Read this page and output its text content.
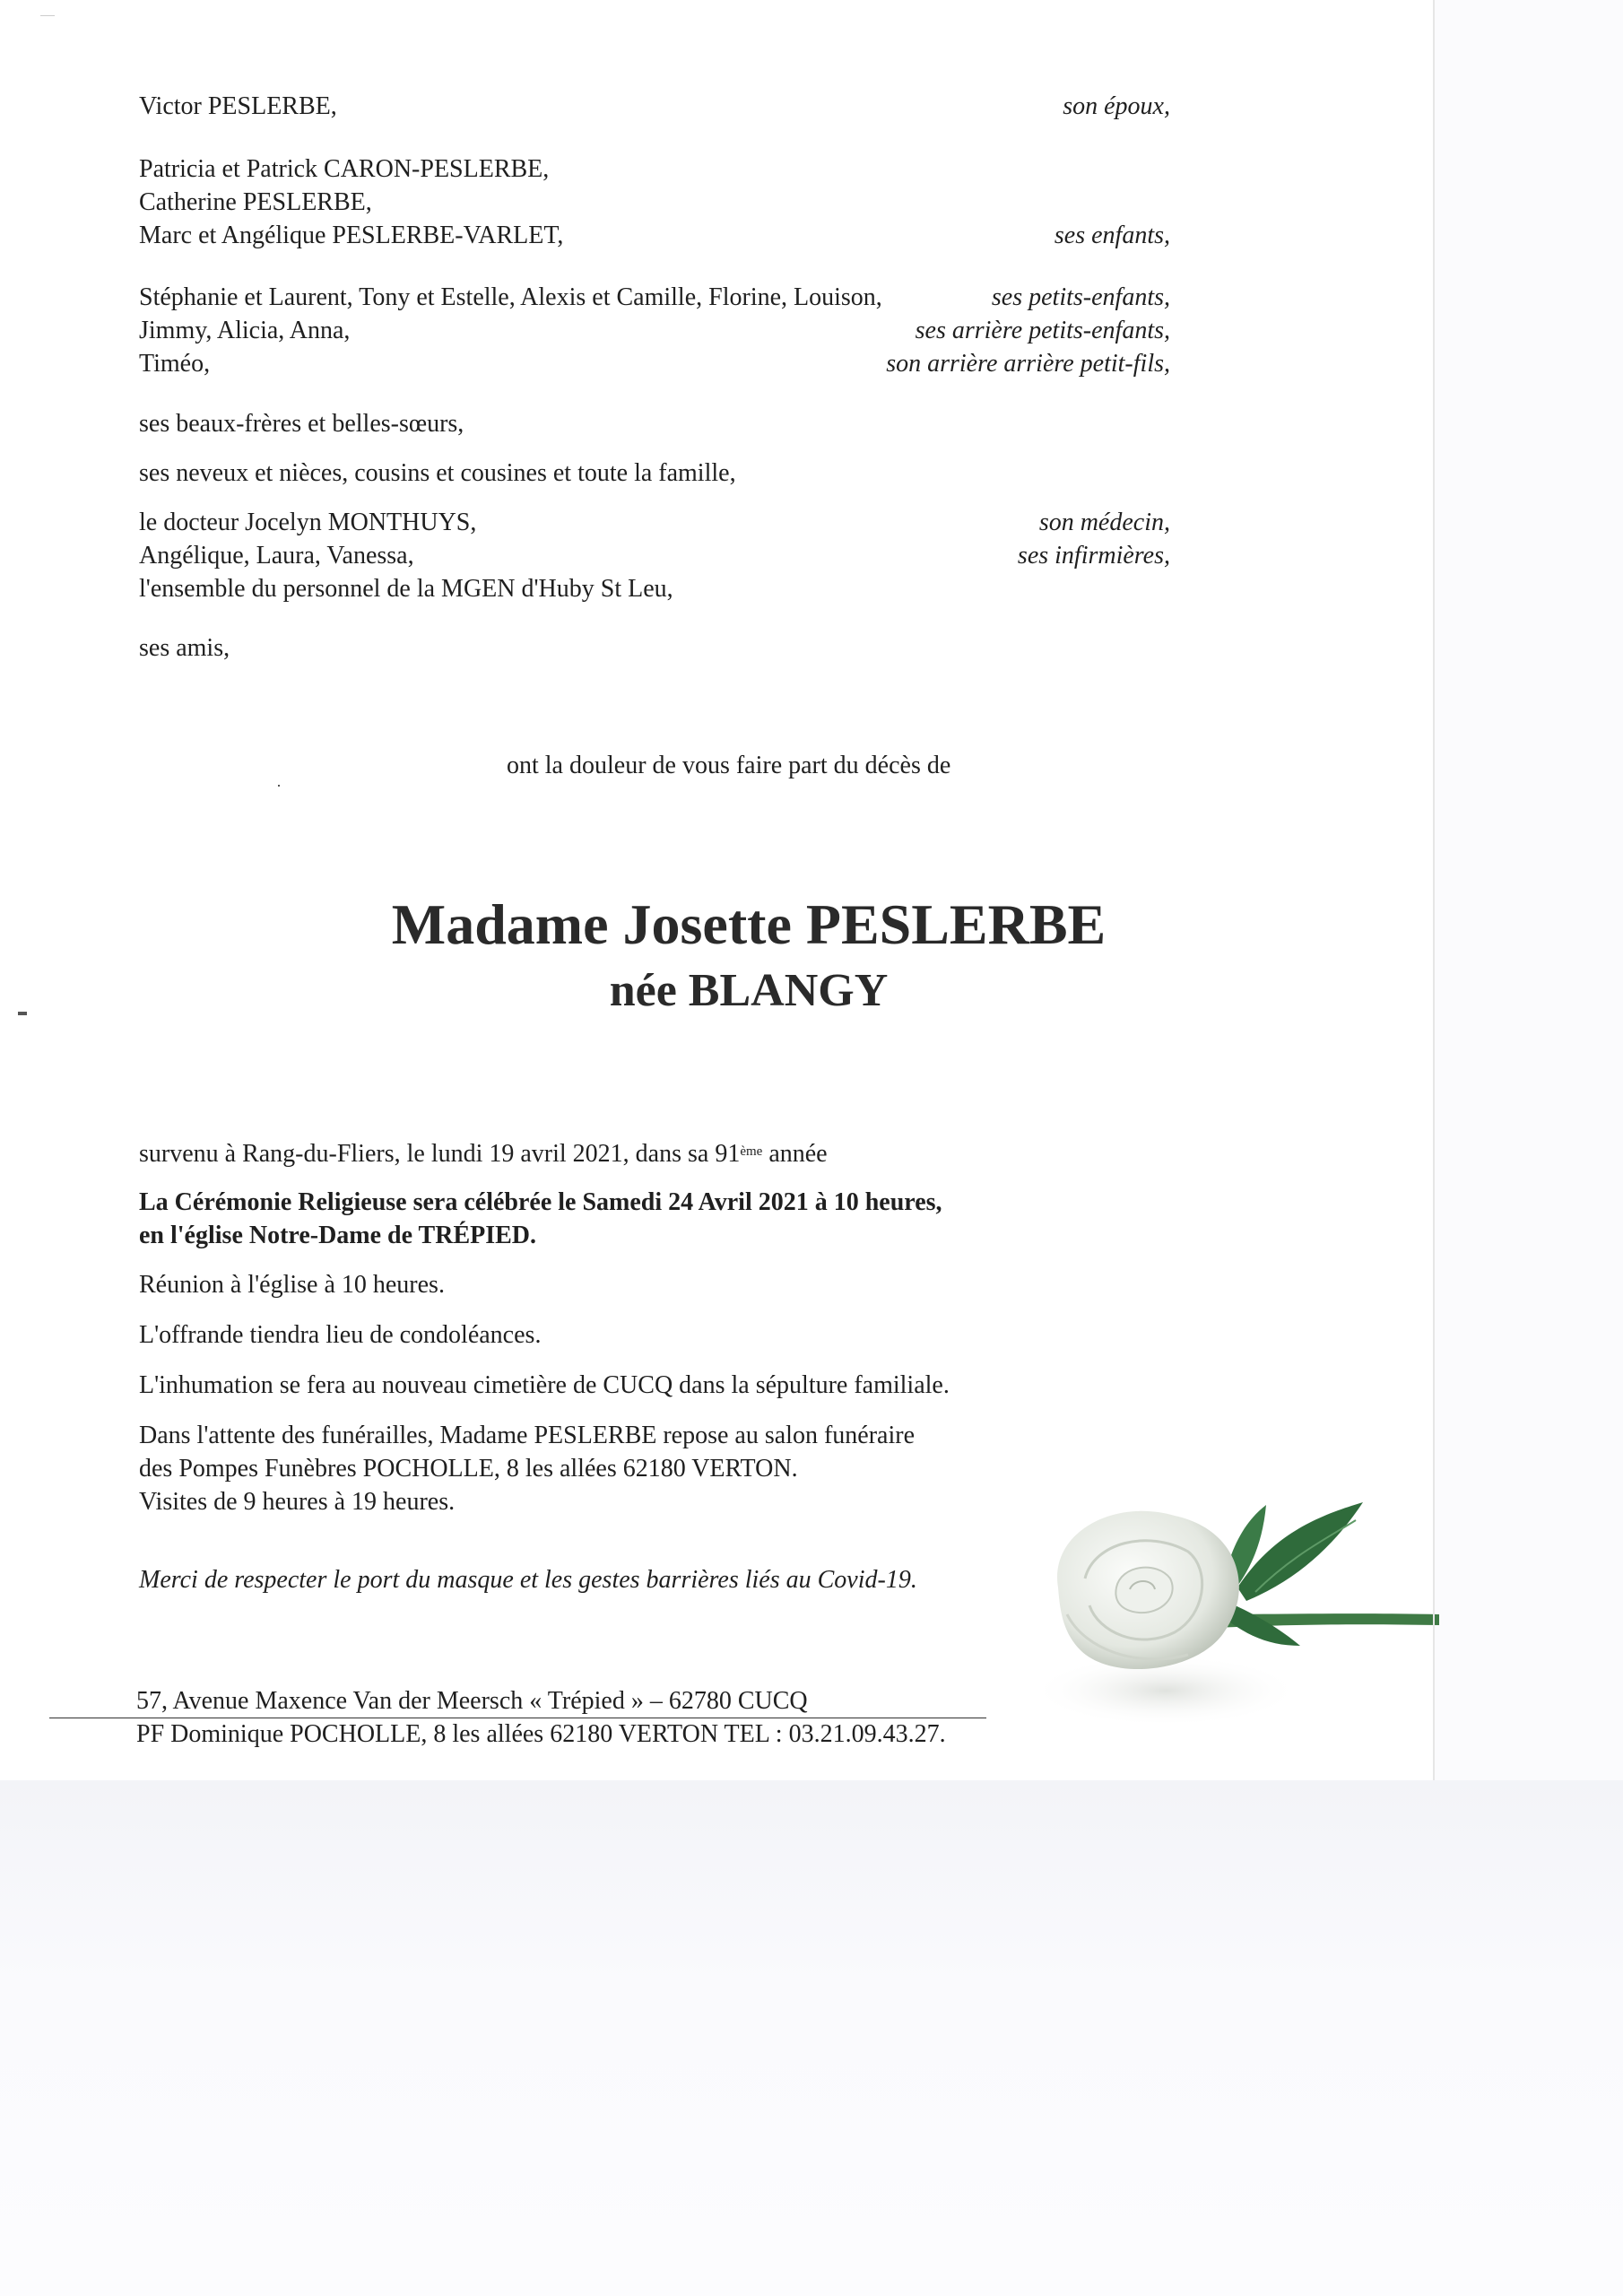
Victor PESLERBE,	son époux,
Patricia et Patrick CARON-PESLERBE,
Catherine PESLERBE,
Marc et Angélique PESLERBE-VARLET,	ses enfants,
Stéphanie et Laurent, Tony et Estelle, Alexis et Camille, Florine, Louison,
Jimmy, Alicia, Anna,
Timéo,
ses petits-enfants,
ses arrière petits-enfants,
son arrière arrière petit-fils,
ses beaux-frères et belles-sœurs,
ses neveux et nièces, cousins et cousines et toute la famille,
le docteur Jocelyn MONTHUYS,
Angélique, Laura, Vanessa,
l'ensemble du personnel de la MGEN d'Huby St Leu,
son médecin,
ses infirmières,
ses amis,
ont la douleur de vous faire part du décès de
Madame Josette PESLERBE
née BLANGY
survenu à Rang-du-Fliers, le lundi 19 avril 2021, dans sa 91ème année
La Cérémonie Religieuse sera célébrée le Samedi 24 Avril 2021 à 10 heures,
en l'église Notre-Dame de TRÉPIED.
Réunion à l'église à 10 heures.
L'offrande tiendra lieu de condoléances.
L'inhumation se fera au nouveau cimetière de CUCQ dans la sépulture familiale.
Dans l'attente des funérailles, Madame PESLERBE repose au salon funéraire
des Pompes Funèbres POCHOLLE, 8 les allées 62180 VERTON.
Visites de 9 heures à 19 heures.
Merci de respecter le port du masque et les gestes barrières liés au Covid-19.
57, Avenue Maxence Van der Meersch « Trépied » – 62780 CUCQ
PF Dominique POCHOLLE, 8 les allées 62180 VERTON TEL : 03.21.09.43.27.
